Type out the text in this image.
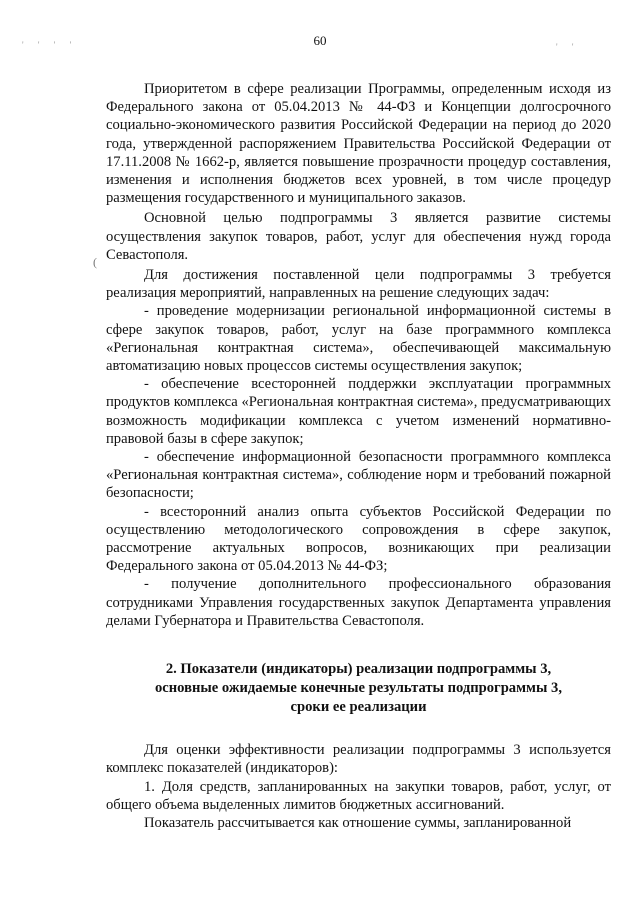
60
' ' ' '	' '
(

Приоритетом в сфере реализации Программы, определенным исходя из Федерального закона от 05.04.2013 № 44-ФЗ и Концепции долгосрочного социально-экономического развития Российской Федерации на период до 2020 года, утвержденной распоряжением Правительства Российской Федерации от 17.11.2008 № 1662-р, является повышение прозрачности процедур составления, изменения и исполнения бюджетов всех уровней, в том числе процедур размещения государственного и муниципального заказов.

Основной целью подпрограммы 3 является развитие системы осуществления закупок товаров, работ, услуг для обеспечения нужд города Севастополя.

Для достижения поставленной цели подпрограммы 3 требуется реализация мероприятий, направленных на решение следующих задач:

- проведение модернизации региональной информационной системы в сфере закупок товаров, работ, услуг на базе программного комплекса «Региональная контрактная система», обеспечивающей максимальную автоматизацию новых процессов системы осуществления закупок;

- обеспечение всесторонней поддержки эксплуатации программных продуктов комплекса «Региональная контрактная система», предусматривающих возможность модификации комплекса с учетом изменений нормативно-правовой базы в сфере закупок;

- обеспечение информационной безопасности программного комплекса «Региональная контрактная система», соблюдение норм и требований пожарной безопасности;

- всесторонний анализ опыта субъектов Российской Федерации по осуществлению методологического сопровождения в сфере закупок, рассмотрение актуальных вопросов, возникающих при реализации Федерального закона от 05.04.2013 № 44-ФЗ;

- получение дополнительного профессионального образования сотрудниками Управления государственных закупок Департамента управления делами Губернатора и Правительства Севастополя.

2. Показатели (индикаторы) реализации подпрограммы 3,
основные ожидаемые конечные результаты подпрограммы 3,
сроки ее реализации

Для оценки эффективности реализации подпрограммы 3 используется комплекс показателей (индикаторов):

1. Доля средств, запланированных на закупки товаров, работ, услуг, от общего объема выделенных лимитов бюджетных ассигнований.

Показатель рассчитывается как отношение суммы, запланированной
